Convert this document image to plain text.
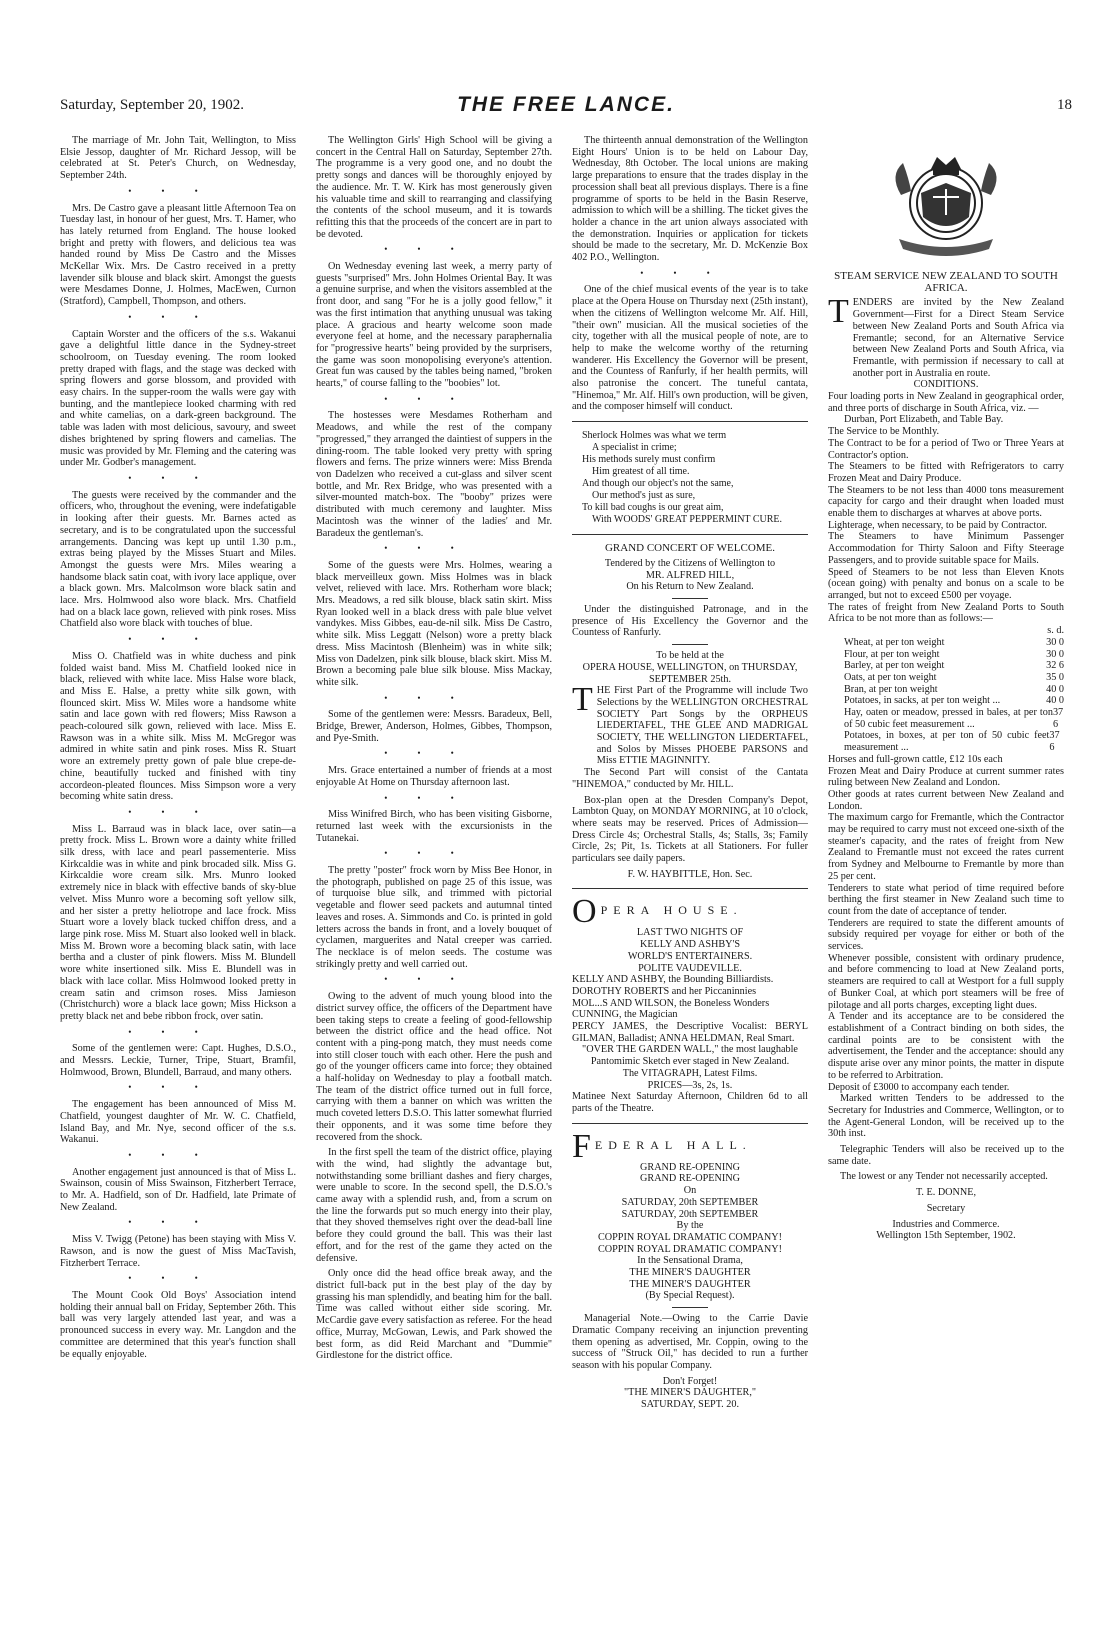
Saturday, September 20, 1902.	THE FREE LANCE.	18

The marriage of Mr. John Tait, Wellington, to Miss Elsie Jessop, daughter of Mr. Richard Jessop, will be celebrated at St. Peter's Church, on Wednesday, September 24th.

•••

Mrs. De Castro gave a pleasant little Afternoon Tea on Tuesday last, in honour of her guest, Mrs. T. Hamer, who has lately returned from England. The house looked bright and pretty with flowers, and delicious tea was handed round by Miss De Castro and the Misses McKellar Wix. Mrs. De Castro received in a pretty lavender silk blouse and black skirt. Amongst the guests were Mesdames Donne, J. Holmes, MacEwen, Curnon (Stratford), Campbell, Thompson, and others.

•••

Captain Worster and the officers of the s.s. Wakanui gave a delightful little dance in the Sydney-street schoolroom, on Tuesday evening. The room looked pretty draped with flags, and the stage was decked with spring flowers and gorse blossom, and provided with easy chairs. In the supper-room the walls were gay with bunting, and the mantlepiece looked charming with red and white camelias, on a dark-green background. The table was laden with most delicious, savoury, and sweet dishes brightened by spring flowers and camelias. The music was provided by Mr. Fleming and the catering was under Mr. Godber's management.

•••

The guests were received by the commander and the officers, who, throughout the evening, were indefatigable in looking after their guests. Mr. Barnes acted as secretary, and is to be congratulated upon the successful arrangements. Dancing was kept up until 1.30 p.m., extras being played by the Misses Stuart and Miles. Amongst the guests were Mrs. Miles wearing a handsome black satin coat, with ivory lace applique, over a black gown. Mrs. Malcolmson wore black satin and lace. Mrs. Holmwood also wore black. Mrs. Chatfield had on a black lace gown, relieved with pink roses. Miss Chatfield also wore black with touches of blue.

•••

Miss O. Chatfield was in white duchess and pink folded waist band. Miss M. Chatfield looked nice in black, relieved with white lace. Miss Halse wore black, and Miss E. Halse, a pretty white silk gown, with flounced skirt. Miss W. Miles wore a handsome white satin and lace gown with red flowers; Miss Rawson a peach-coloured silk gown, relieved with lace. Miss E. Rawson was in a white silk. Miss M. McGregor was admired in white satin and pink roses. Miss R. Stuart wore an extremely pretty gown of pale blue crepe-de-chine, beautifully tucked and finished with tiny accordeon-pleated flounces. Miss Simpson wore a very becoming white satin dress.

•••

Miss L. Barraud was in black lace, over satin—a pretty frock. Miss L. Brown wore a dainty white frilled silk dress, with lace and pearl passementerie. Miss Kirkcaldie was in white and pink brocaded silk. Miss G. Kirkcaldie wore cream silk. Mrs. Munro looked extremely nice in black with effective bands of sky-blue velvet. Miss Munro wore a becoming soft yellow silk, and her sister a pretty heliotrope and lace frock. Miss Stuart wore a lovely black tucked chiffon dress, and a large pink rose. Miss M. Stuart also looked well in black. Miss M. Brown wore a becoming black satin, with lace bertha and a cluster of pink flowers. Miss M. Blundell wore white insertioned silk. Miss E. Blundell was in black with lace collar. Miss Holmwood looked pretty in cream satin and crimson roses. Miss Jamieson (Christchurch) wore a black lace gown; Miss Hickson a pretty black net and bebe ribbon frock, over satin.

•••

Some of the gentlemen were: Capt. Hughes, D.S.O., and Messrs. Leckie, Turner, Tripe, Stuart, Bramfil, Holmwood, Brown, Blundell, Barraud, and many others.

•••

The engagement has been announced of Miss M. Chatfield, youngest daughter of Mr. W. C. Chatfield, Island Bay, and Mr. Nye, second officer of the s.s. Wakanui.

•••

Another engagement just announced is that of Miss L. Swainson, cousin of Miss Swainson, Fitzherbert Terrace, to Mr. A. Hadfield, son of Dr. Hadfield, late Primate of New Zealand.

•••

Miss V. Twigg (Petone) has been staying with Miss V. Rawson, and is now the guest of Miss MacTavish, Fitzherbert Terrace.

•••

The Mount Cook Old Boys' Association intend holding their annual ball on Friday, September 26th. This ball was very largely attended last year, and was a pronounced success in every way. Mr. Langdon and the committee are determined that this year's function shall be equally enjoyable.

The Wellington Girls' High School will be giving a concert in the Central Hall on Saturday, September 27th. The programme is a very good one, and no doubt the pretty songs and dances will be thoroughly enjoyed by the audience. Mr. T. W. Kirk has most generously given his valuable time and skill to rearranging and classifying the contents of the school museum, and it is towards refitting this that the proceeds of the concert are in part to be devoted.

•••

On Wednesday evening last week, a merry party of guests "surprised" Mrs. John Holmes Oriental Bay. It was a genuine surprise, and when the visitors assembled at the front door, and sang "For he is a jolly good fellow," it was the first intimation that anything unusual was taking place. A gracious and hearty welcome soon made everyone feel at home, and the necessary paraphernalia for "progressive hearts" being provided by the surprisers, the game was soon monopolising everyone's attention. Great fun was caused by the tables being named, "broken hearts," of course falling to the "boobies" lot.

•••

The hostesses were Mesdames Rotherham and Meadows, and while the rest of the company "progressed," they arranged the daintiest of suppers in the dining-room. The table looked very pretty with spring flowers and ferns. The prize winners were: Miss Brenda von Dadelzen who received a cut-glass and silver scent bottle, and Mr. Rex Bridge, who was presented with a silver-mounted match-box. The "booby" prizes were distributed with much ceremony and laughter. Miss Macintosh was the winner of the ladies' and Mr. Baradeux the gentleman's.

•••

Some of the guests were Mrs. Holmes, wearing a black merveilleux gown. Miss Holmes was in black velvet, relieved with lace. Mrs. Rotherham wore black; Mrs. Meadows, a red silk blouse, black satin skirt. Miss Ryan looked well in a black dress with pale blue velvet vandykes. Miss Gibbes, eau-de-nil silk. Miss De Castro, white silk. Miss Leggatt (Nelson) wore a pretty black dress. Miss Macintosh (Blenheim) was in white silk; Miss von Dadelzen, pink silk blouse, black skirt. Miss M. Brown a becoming pale blue silk blouse. Miss Mackay, white silk.

•••

Some of the gentlemen were: Messrs. Baradeux, Bell, Bridge, Brewer, Anderson, Holmes, Gibbes, Thompson, and Pye-Smith.

•••

Mrs. Grace entertained a number of friends at a most enjoyable At Home on Thursday afternoon last.

•••

Miss Winifred Birch, who has been visiting Gisborne, returned last week with the excursionists in the Tutanekai.

•••

The pretty "poster" frock worn by Miss Bee Honor, in the photograph, published on page 25 of this issue, was of turquoise blue silk, and trimmed with pictorial vegetable and flower seed packets and autumnal tinted leaves and roses. A. Simmonds and Co. is printed in gold letters across the bands in front, and a lovely bouquet of cyclamen, marguerites and Natal creeper was carried. The necklace is of melon seeds. The costume was strikingly pretty and well carried out.

•••

Owing to the advent of much young blood into the district survey office, the officers of the Department have been taking steps to create a feeling of good-fellowship between the district office and the head office. Not content with a ping-pong match, they must needs come into still closer touch with each other. Here the push and go of the younger officers came into force; they obtained a half-holiday on Wednesday to play a football match. The team of the district office turned out in full force, carrying with them a banner on which was written the much coveted letters D.S.O. This latter somewhat flurried their opponents, and it was some time before they recovered from the shock.

In the first spell the team of the district office, playing with the wind, had slightly the advantage but, notwithstanding some brilliant dashes and fiery charges, were unable to score. In the second spell, the D.S.O.'s came away with a splendid rush, and, from a scrum on the line the forwards put so much energy into their play, that they shoved themselves right over the dead-ball line before they could ground the ball. This was their last effort, and for the rest of the game they acted on the defensive.

Only once did the head office break away, and the district full-back put in the best play of the day by grassing his man splendidly, and beating him for the ball. Time was called without either side scoring. Mr. McCardie gave every satisfaction as referee. For the head office, Murray, McGowan, Lewis, and Park showed the best form, as did Reid Marchant and "Dummie" Girdlestone for the district office.

The thirteenth annual demonstration of the Wellington Eight Hours' Union is to be held on Labour Day, Wednesday, 8th October. The local unions are making large preparations to ensure that the trades display in the procession shall beat all previous displays. There is a fine programme of sports to be held in the Basin Reserve, admission to which will be a shilling. The ticket gives the holder a chance in the art union always associated with the demonstration. Inquiries or application for tickets should be made to the secretary, Mr. D. McKenzie Box 402 P.O., Wellington.

•••

One of the chief musical events of the year is to take place at the Opera House on Thursday next (25th instant), when the citizens of Wellington welcome Mr. Alf. Hill, "their own" musician. All the musical societies of the city, together with all the musical people of note, are to help to make the welcome worthy of the returning wanderer. His Excellency the Governor will be present, and the Countess of Ranfurly, if her health permits, will also patronise the concert. The tuneful cantata, "Hinemoa," Mr. Alf. Hill's own production, will be given, and the composer himself will conduct.

Sherlock Holmes was what we term
A specialist in crime;
His methods surely must confirm
Him greatest of all time.
And though our object's not the same,
Our method's just as sure,
To kill bad coughs is our great aim,
With WOODS' GREAT PEPPERMINT CURE.
GRAND CONCERT OF WELCOME.
Tendered by the Citizens of Wellington to
MR. ALFRED HILL,
On his Return to New Zealand.

Under the distinguished Patronage, and in the presence of His Excellency the Governor and the Countess of Ranfurly.

To be held at the
OPERA HOUSE, WELLINGTON, on THURSDAY, SEPTEMBER 25th.
T HE First Part of the Programme will include Two Selections by the WELLINGTON ORCHESTRAL SOCIETY Part Songs by the ORPHEUS LIEDERTAFEL, THE GLEE AND MADRIGAL SOCIETY, THE WELLINGTON LIEDERTAFEL, and Solos by Misses PHOEBE PARSONS and Miss ETTIE MAGINNITY.

The Second Part will consist of the Cantata "HINEMOA," conducted by Mr. HILL.

Box-plan open at the Dresden Company's Depot, Lambton Quay, on MONDAY MORNING, at 10 o'clock, where seats may be reserved. Prices of Admission—Dress Circle 4s; Orchestral Stalls, 4s; Stalls, 3s; Family Circle, 2s; Pit, 1s. Tickets at all Stationers. For fuller particulars see daily papers.

F. W. HAYBITTLE, Hon. Sec.
O PERA HOUSE.
LAST TWO NIGHTS OF
KELLY AND ASHBY'S
WORLD'S ENTERTAINERS.
POLITE VAUDEVILLE.
KELLY AND ASHBY, the Bounding Billiardists.
DOROTHY ROBERTS and her Piccaninnies
MOL...S AND WILSON, the Boneless Wonders
CUNNING, the Magician
PERCY JAMES, the Descriptive Vocalist: BERYL GILMAN, Balladist; ANNA HELDMAN, Real Smart.
"OVER THE GARDEN WALL," the most laughable Pantomimic Sketch ever staged in New Zealand.
The VITAGRAPH, Latest Films.
PRICES—3s, 2s, 1s.
Matinee Next Saturday Afternoon, Children 6d to all parts of the Theatre.
F EDERAL HALL.
GRAND RE-OPENING
GRAND RE-OPENING
On
SATURDAY, 20th SEPTEMBER
SATURDAY, 20th SEPTEMBER
By the
COPPIN ROYAL DRAMATIC COMPANY!
COPPIN ROYAL DRAMATIC COMPANY!
In the Sensational Drama,
THE MINER'S DAUGHTER
THE MINER'S DAUGHTER
(By Special Request).

Managerial Note.—Owing to the Carrie Davie Dramatic Company receiving an injunction preventing them opening as advertised, Mr. Coppin, owing to the success of "Struck Oil," has decided to run a further season with his popular Company.

Don't Forget!
"THE MINER'S DAUGHTER,"
SATURDAY, SEPT. 20.
STEAM SERVICE NEW ZEALAND TO SOUTH AFRICA.
T ENDERS are invited by the New Zealand Government—First for a Direct Steam Service between New Zealand Ports and South Africa via Fremantle; second, for an Alternative Service between New Zealand Ports and South Africa, via Fremantle, with permission if necessary to call at another port in Australia en route.
CONDITIONS.
Four loading ports in New Zealand in geographical order, and three ports of discharge in South Africa, viz. —
Durban, Port Elizabeth, and Table Bay.
The Service to be Monthly.
The Contract to be for a period of Two or Three Years at Contractor's option.
The Steamers to be fitted with Refrigerators to carry Frozen Meat and Dairy Produce.
The Steamers to be not less than 4000 tons measurement capacity for cargo and their draught when loaded must enable them to discharges at wharves at above ports.
Lighterage, when necessary, to be paid by Contractor.
The Steamers to have Minimum Passenger Accommodation for Thirty Saloon and Fifty Steerage Passengers, and to provide suitable space for Mails.
Speed of Steamers to be not less than Eleven Knots (ocean going) with penalty and bonus on a scale to be arranged, but not to exceed £500 per voyage.
The rates of freight from New Zealand Ports to South Africa to be not more than as follows:—
s. d.
Wheat, at per ton weight	30 0
Flour, at per ton weight	30 0
Barley, at per ton weight	32 6
Oats, at per ton weight	35 0
Bran, at per ton weight	40 0
Potatoes, in sacks, at per ton weight ...	40 0
Hay, oaten or meadow, pressed in bales, at per ton of 50 cubic feet measurement ...
37 6
Potatoes, in boxes, at per ton of 50 cubic feet measurement ...
37 6
Horses and full-grown cattle, £12 10s each
Frozen Meat and Dairy Produce at current summer rates ruling between New Zealand and London.
Other goods at rates current between New Zealand and London.
The maximum cargo for Fremantle, which the Contractor may be required to carry must not exceed one-sixth of the steamer's capacity, and the rates of freight from New Zealand to Fremantle must not exceed the rates current from Sydney and Melbourne to Fremantle by more than 25 per cent.
Tenderers to state what period of time required before berthing the first steamer in New Zealand such time to count from the date of acceptance of tender.
Tenderers are required to state the different amounts of subsidy required per voyage for either or both of the services.
Whenever possible, consistent with ordinary prudence, and before commencing to load at New Zealand ports, steamers are required to call at Westport for a full supply of Bunker Coal, at which port steamers will be free of pilotage and all ports charges, excepting light dues.
A Tender and its acceptance are to be considered the establishment of a Contract binding on both sides, the cardinal points are to be consistent with the advertisement, the Tender and the acceptance: should any dispute arise over any minor points, the matter in dispute to be referred to Arbitration.
Deposit of £3000 to accompany each tender.

Marked written Tenders to be addressed to the Secretary for Industries and Commerce, Wellington, or to the Agent-General London, will be received up to the 30th inst.

Telegraphic Tenders will also be received up to the same date.

The lowest or any Tender not necessarily accepted.

T. E. DONNE,
Secretary
Industries and Commerce.
Wellington 15th September, 1902.
